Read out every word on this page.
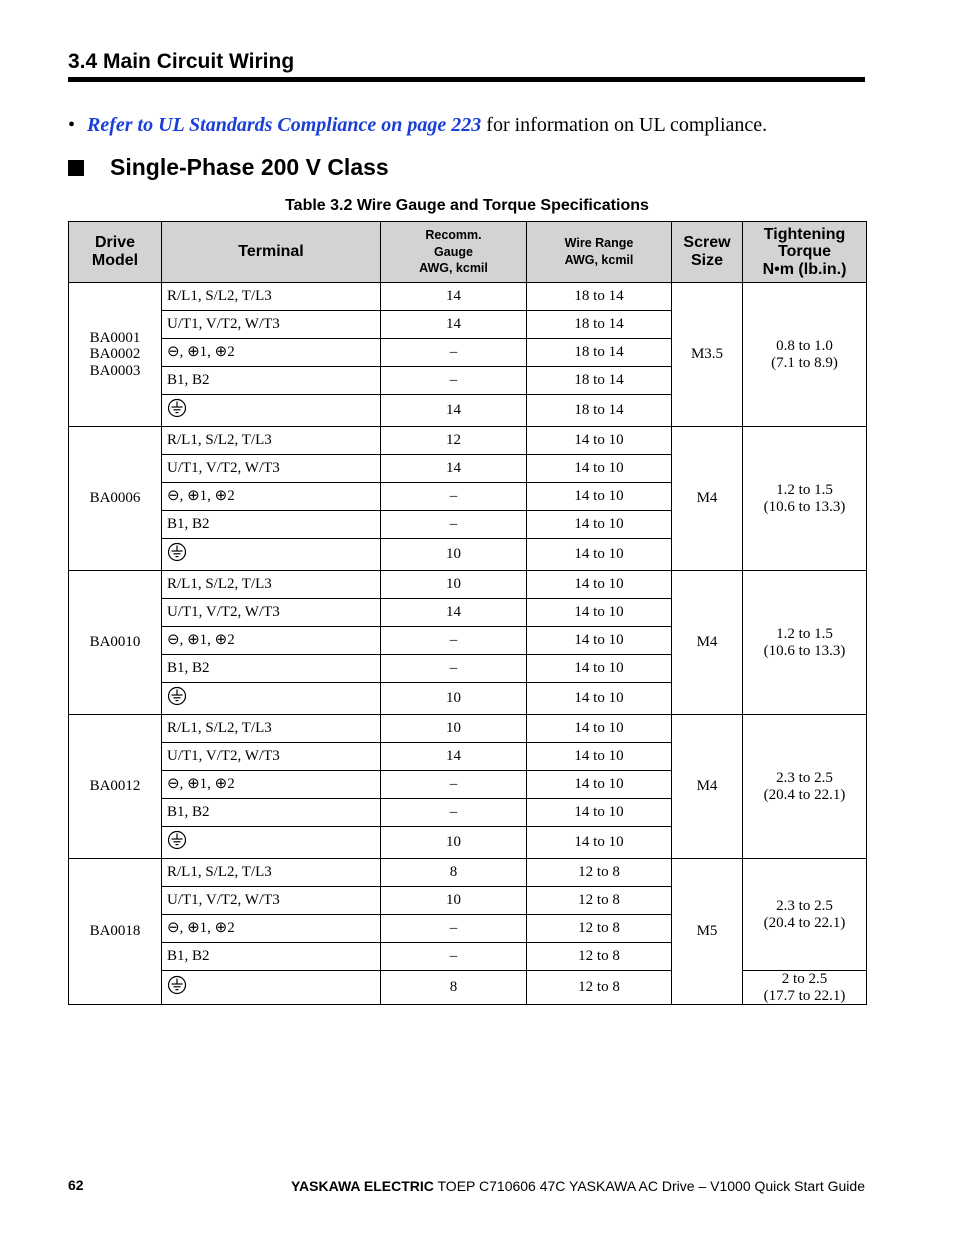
3.4 Main Circuit Wiring
• Refer to UL Standards Compliance on page 223 for information on UL compliance.
Single-Phase 200 V Class
Table 3.2 Wire Gauge and Torque Specifications
Drive
Model	Terminal	Recomm.
Gauge
AWG, kcmil	Wire Range
AWG, kcmil	Screw
Size	Tightening
Torque
N•m (lb.in.)
BA0001
BA0002
BA0003	R/L1, S/L2, T/L3	14	18 to 14	M3.5	0.8 to 1.0
(7.1 to 8.9)
	U/T1, V/T2, W/T3	14	18 to 14		
	⊖, ⊕1, ⊕2	–	18 to 14		
	B1, B2	–	18 to 14		
	14	18 to 14		
BA0006	R/L1, S/L2, T/L3	12	14 to 10	M4	1.2 to 1.5
(10.6 to 13.3)
	U/T1, V/T2, W/T3	14	14 to 10		
	⊖, ⊕1, ⊕2	–	14 to 10		
	B1, B2	–	14 to 10		
	10	14 to 10		
BA0010	R/L1, S/L2, T/L3	10	14 to 10	M4	1.2 to 1.5
(10.6 to 13.3)
	U/T1, V/T2, W/T3	14	14 to 10		
	⊖, ⊕1, ⊕2	–	14 to 10		
	B1, B2	–	14 to 10		
	10	14 to 10		
BA0012	R/L1, S/L2, T/L3	10	14 to 10	M4	2.3 to 2.5
(20.4 to 22.1)
	U/T1, V/T2, W/T3	14	14 to 10		
	⊖, ⊕1, ⊕2	–	14 to 10		
	B1, B2	–	14 to 10		
	10	14 to 10		
BA0018	R/L1, S/L2, T/L3	8	12 to 8	M5	2.3 to 2.5
(20.4 to 22.1)
	U/T1, V/T2, W/T3	10	12 to 8		
	⊖, ⊕1, ⊕2	–	12 to 8		
	B1, B2	–	12 to 8		
	8	12 to 8		2 to 2.5
(17.7 to 22.1)
62	YASKAWA ELECTRIC TOEP C710606 47C YASKAWA AC Drive – V1000 Quick Start Guide
